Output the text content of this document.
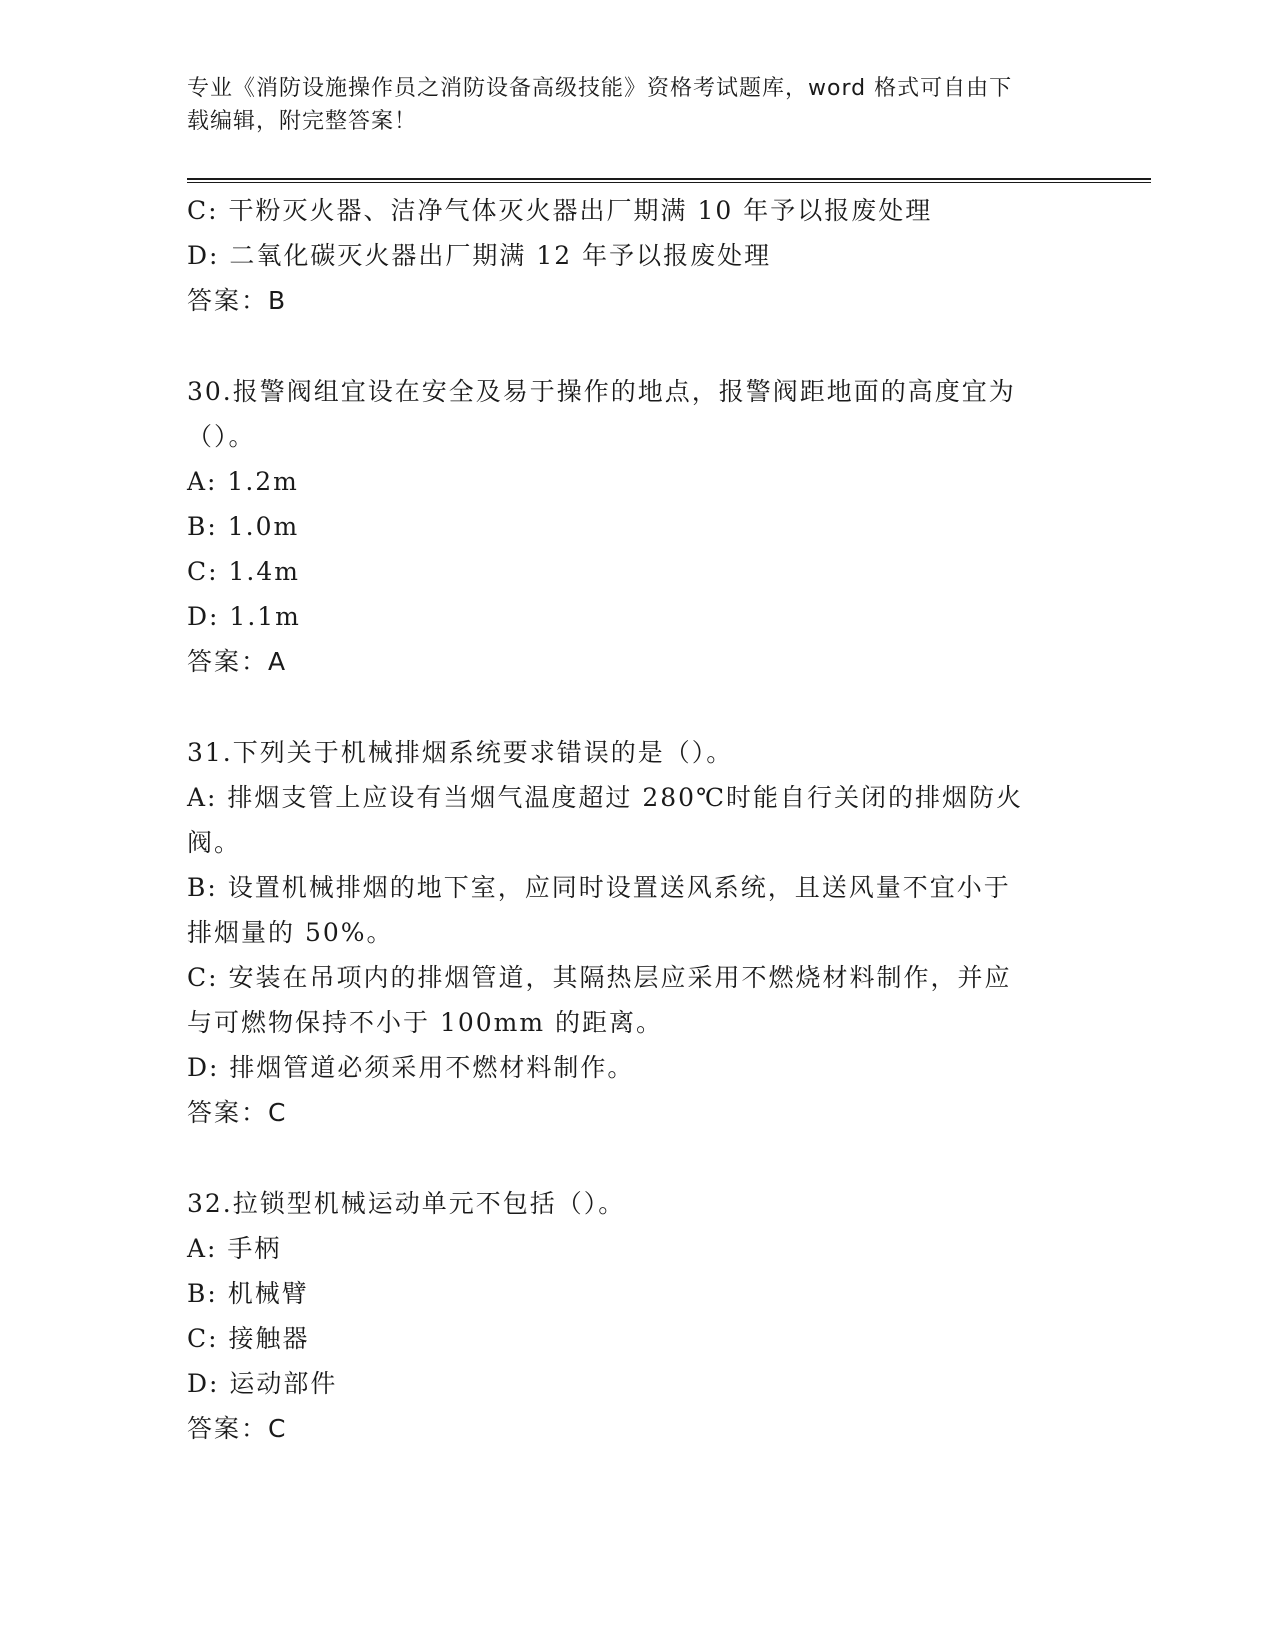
专业《消防设施操作员之消防设备高级技能》资格考试题库，word 格式可自由下
载编辑，附完整答案！
C: 干粉灭火器、洁净气体灭火器出厂期满 10 年予以报废处理
D: 二氧化碳灭火器出厂期满 12 年予以报废处理
答案：B
30.报警阀组宜设在安全及易于操作的地点，报警阀距地面的高度宜为
（）。
A: 1.2m
B: 1.0m
C: 1.4m
D: 1.1m
答案：A
31.下列关于机械排烟系统要求错误的是（）。
A: 排烟支管上应设有当烟气温度超过 280℃时能自行关闭的排烟防火
阀。
B: 设置机械排烟的地下室，应同时设置送风系统，且送风量不宜小于
排烟量的 50%。
C: 安装在吊项内的排烟管道，其隔热层应采用不燃烧材料制作，并应
与可燃物保持不小于 100mm 的距离。
D: 排烟管道必须采用不燃材料制作。
答案：C
32.拉锁型机械运动单元不包括（）。
A: 手柄
B: 机械臂
C: 接触器
D: 运动部件
答案：C
